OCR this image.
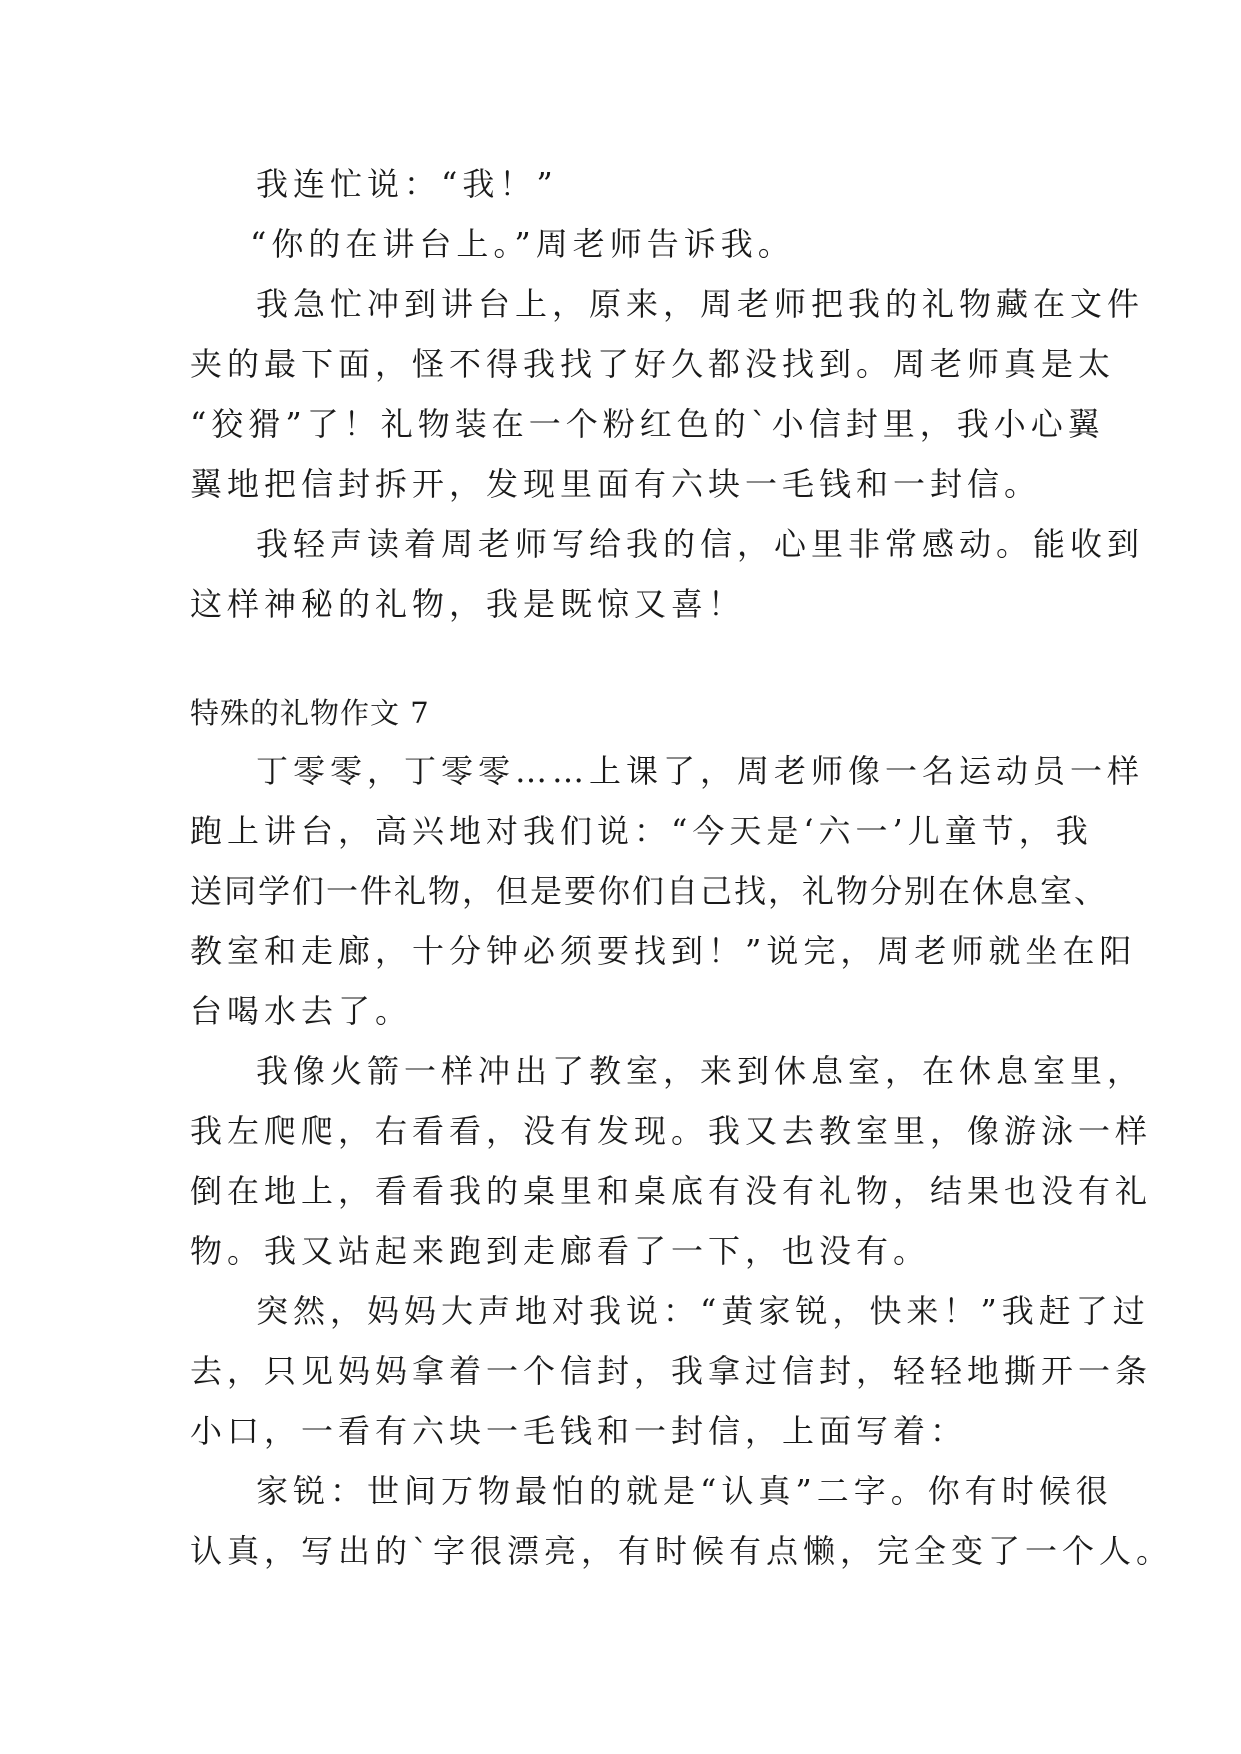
我连忙说：“我！”
“你的在讲台上。”周老师告诉我。
我急忙冲到讲台上，原来，周老师把我的礼物藏在文件
夹的最下面，怪不得我找了好久都没找到。周老师真是太
“狡猾”了！礼物装在一个粉红色的`小信封里，我小心翼
翼地把信封拆开，发现里面有六块一毛钱和一封信。
我轻声读着周老师写给我的信，心里非常感动。能收到
这样神秘的礼物，我是既惊又喜！
特殊的礼物作文 7
丁零零，丁零零……上课了，周老师像一名运动员一样
跑上讲台，高兴地对我们说：“今天是‘六一’儿童节，我
送同学们一件礼物，但是要你们自己找，礼物分别在休息室、
教室和走廊，十分钟必须要找到！”说完，周老师就坐在阳
台喝水去了。
我像火箭一样冲出了教室，来到休息室，在休息室里，
我左爬爬，右看看，没有发现。我又去教室里，像游泳一样
倒在地上，看看我的桌里和桌底有没有礼物，结果也没有礼
物。我又站起来跑到走廊看了一下，也没有。
突然，妈妈大声地对我说：“黄家锐，快来！”我赶了过
去，只见妈妈拿着一个信封，我拿过信封，轻轻地撕开一条
小口，一看有六块一毛钱和一封信，上面写着：
家锐：世间万物最怕的就是“认真”二字。你有时候很
认真，写出的`字很漂亮，有时候有点懒，完全变了一个人。
